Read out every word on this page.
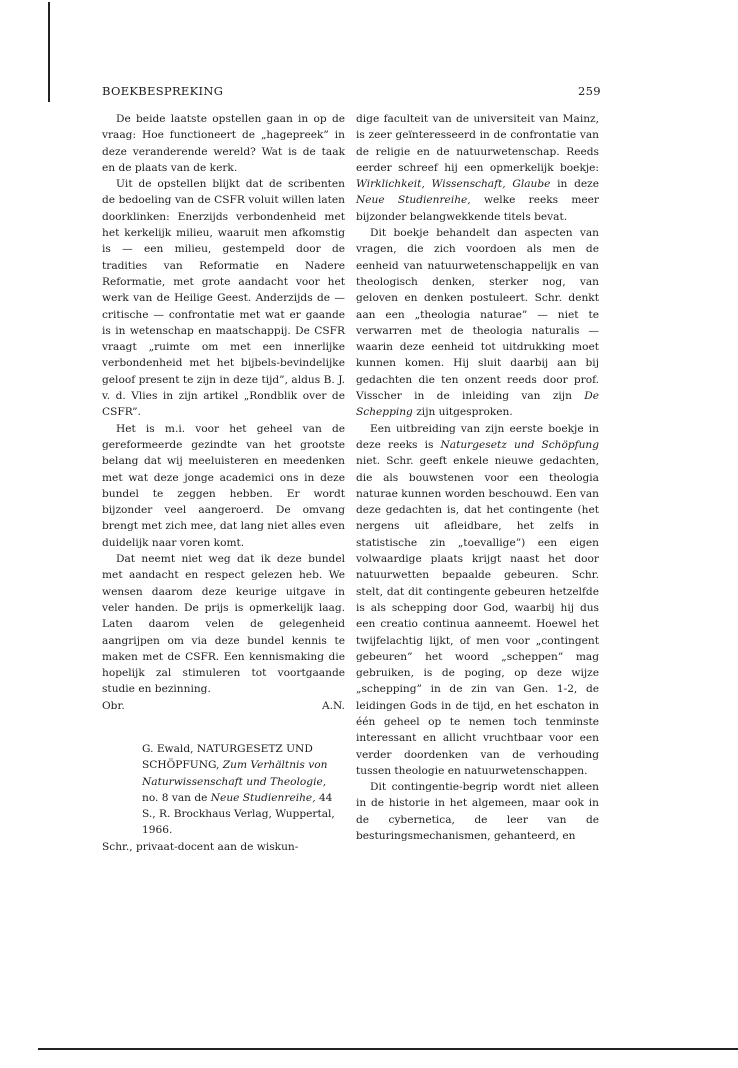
BOEKBESPREKING	259

De beide laatste opstellen gaan in op de vraag: Hoe functioneert de „hagepreek” in deze veranderende wereld? Wat is de taak en de plaats van de kerk.

Uit de opstellen blijkt dat de scribenten de bedoeling van de CSFR voluit willen laten doorklinken: Enerzijds verbondenheid met het kerkelijk milieu, waaruit men afkomstig is — een milieu, gestempeld door de tradities van Reformatie en Nadere Reformatie, met grote aandacht voor het werk van de Heilige Geest. Anderzijds de — critische — confrontatie met wat er gaande is in wetenschap en maatschappij. De CSFR vraagt „ruimte om met een innerlijke verbondenheid met het bijbels-bevindelijke geloof present te zijn in deze tijd”, aldus B. J. v. d. Vlies in zijn artikel „Rondblik over de CSFR”.

Het is m.i. voor het geheel van de gereformeerde gezindte van het grootste belang dat wij meeluisteren en meedenken met wat deze jonge academici ons in deze bundel te zeggen hebben. Er wordt bijzonder veel aangeroerd. De omvang brengt met zich mee, dat lang niet alles even duidelijk naar voren komt.

Dat neemt niet weg dat ik deze bundel met aandacht en respect gelezen heb. We wensen daarom deze keurige uitgave in veler handen. De prijs is opmerkelijk laag. Laten daarom velen de gelegenheid aangrijpen om via deze bundel kennis te maken met de CSFR. Een kennismaking die hopelijk zal stimuleren tot voortgaande studie en bezinning.

Obr.	A.N.
G. Ewald, NATURGESETZ UND SCHÖPFUNG, Zum Verhältnis von Naturwissenschaft und Theologie, no. 8 van de Neue Studienreihe, 44 S., R. Brockhaus Verlag, Wuppertal, 1966.

Schr., privaat-docent aan de wiskun-

dige faculteit van de universiteit van Mainz, is zeer geïnteresseerd in de confrontatie van de religie en de natuurwetenschap. Reeds eerder schreef hij een opmerkelijk boekje: Wirklichkeit, Wissenschaft, Glaube in deze Neue Studienreihe, welke reeks meer bijzonder belangwekkende titels bevat.

Dit boekje behandelt dan aspecten van vragen, die zich voordoen als men de eenheid van natuurwetenschappelijk en van theologisch denken, sterker nog, van geloven en denken postuleert. Schr. denkt aan een „theologia naturae” — niet te verwarren met de theologia naturalis — waarin deze eenheid tot uitdrukking moet kunnen komen. Hij sluit daarbij aan bij gedachten die ten onzent reeds door prof. Visscher in de inleiding van zijn De Schepping zijn uitgesproken.

Een uitbreiding van zijn eerste boekje in deze reeks is Naturgesetz und Schöpfung niet. Schr. geeft enkele nieuwe gedachten, die als bouwstenen voor een theologia naturae kunnen worden beschouwd. Een van deze gedachten is, dat het contingente (het nergens uit afleidbare, het zelfs in statistische zin „toevallige”) een eigen volwaardige plaats krijgt naast het door natuurwetten bepaalde gebeuren. Schr. stelt, dat dit contingente gebeuren hetzelfde is als schepping door God, waarbij hij dus een creatio continua aanneemt. Hoewel het twijfelachtig lijkt, of men voor „contingent gebeuren” het woord „scheppen” mag gebruiken, is de poging, op deze wijze „schepping” in de zin van Gen. 1-2, de leidingen Gods in de tijd, en het eschaton in één geheel op te nemen toch tenminste interessant en allicht vruchtbaar voor een verder doordenken van de verhouding tussen theologie en natuurwetenschappen.

Dit contingentie-begrip wordt niet alleen in de historie in het algemeen, maar ook in de cybernetica, de leer van de besturingsmechanismen, gehanteerd, en
